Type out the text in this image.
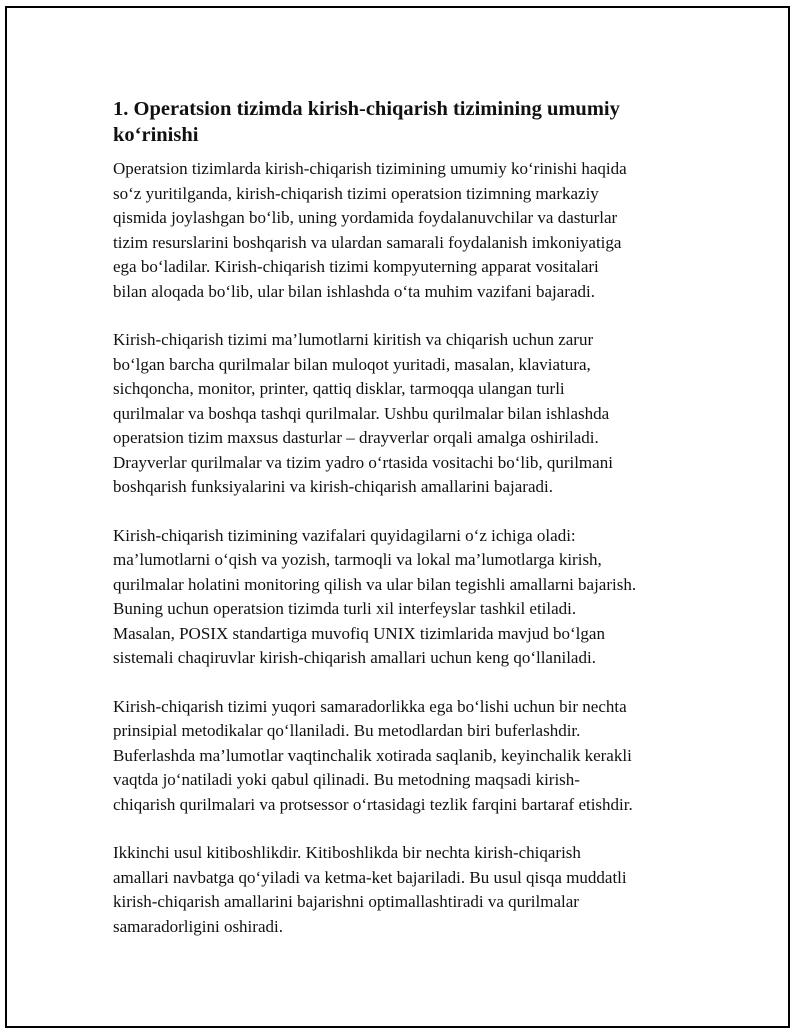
1. Operatsion tizimda kirish-chiqarish tizimining umumiy
ko‘rinishi

Operatsion tizimlarda kirish-chiqarish tizimining umumiy ko‘rinishi haqida
so‘z yuritilganda, kirish-chiqarish tizimi operatsion tizimning markaziy
qismida joylashgan bo‘lib, uning yordamida foydalanuvchilar va dasturlar
tizim resurslarini boshqarish va ulardan samarali foydalanish imkoniyatiga
ega bo‘ladilar. Kirish-chiqarish tizimi kompyuterning apparat vositalari
bilan aloqada bo‘lib, ular bilan ishlashda o‘ta muhim vazifani bajaradi.

Kirish-chiqarish tizimi ma’lumotlarni kiritish va chiqarish uchun zarur
bo‘lgan barcha qurilmalar bilan muloqot yuritadi, masalan, klaviatura,
sichqoncha, monitor, printer, qattiq disklar, tarmoqqa ulangan turli
qurilmalar va boshqa tashqi qurilmalar. Ushbu qurilmalar bilan ishlashda
operatsion tizim maxsus dasturlar – drayverlar orqali amalga oshiriladi.
Drayverlar qurilmalar va tizim yadro o‘rtasida vositachi bo‘lib, qurilmani
boshqarish funksiyalarini va kirish-chiqarish amallarini bajaradi.

Kirish-chiqarish tizimining vazifalari quyidagilarni o‘z ichiga oladi:
ma’lumotlarni o‘qish va yozish, tarmoqli va lokal ma’lumotlarga kirish,
qurilmalar holatini monitoring qilish va ular bilan tegishli amallarni bajarish.
Buning uchun operatsion tizimda turli xil interfeyslar tashkil etiladi.
Masalan, POSIX standartiga muvofiq UNIX tizimlarida mavjud bo‘lgan
sistemali chaqiruvlar kirish-chiqarish amallari uchun keng qo‘llaniladi.

Kirish-chiqarish tizimi yuqori samaradorlikka ega bo‘lishi uchun bir nechta
prinsipial metodikalar qo‘llaniladi. Bu metodlardan biri buferlashdir.
Buferlashda ma’lumotlar vaqtinchalik xotirada saqlanib, keyinchalik kerakli
vaqtda jo‘natiladi yoki qabul qilinadi. Bu metodning maqsadi kirish-
chiqarish qurilmalari va protsessor o‘rtasidagi tezlik farqini bartaraf etishdir.

Ikkinchi usul kitiboshlikdir. Kitiboshlikda bir nechta kirish-chiqarish
amallari navbatga qo‘yiladi va ketma-ket bajariladi. Bu usul qisqa muddatli
kirish-chiqarish amallarini bajarishni optimallashtiradi va qurilmalar
samaradorligini oshiradi.
